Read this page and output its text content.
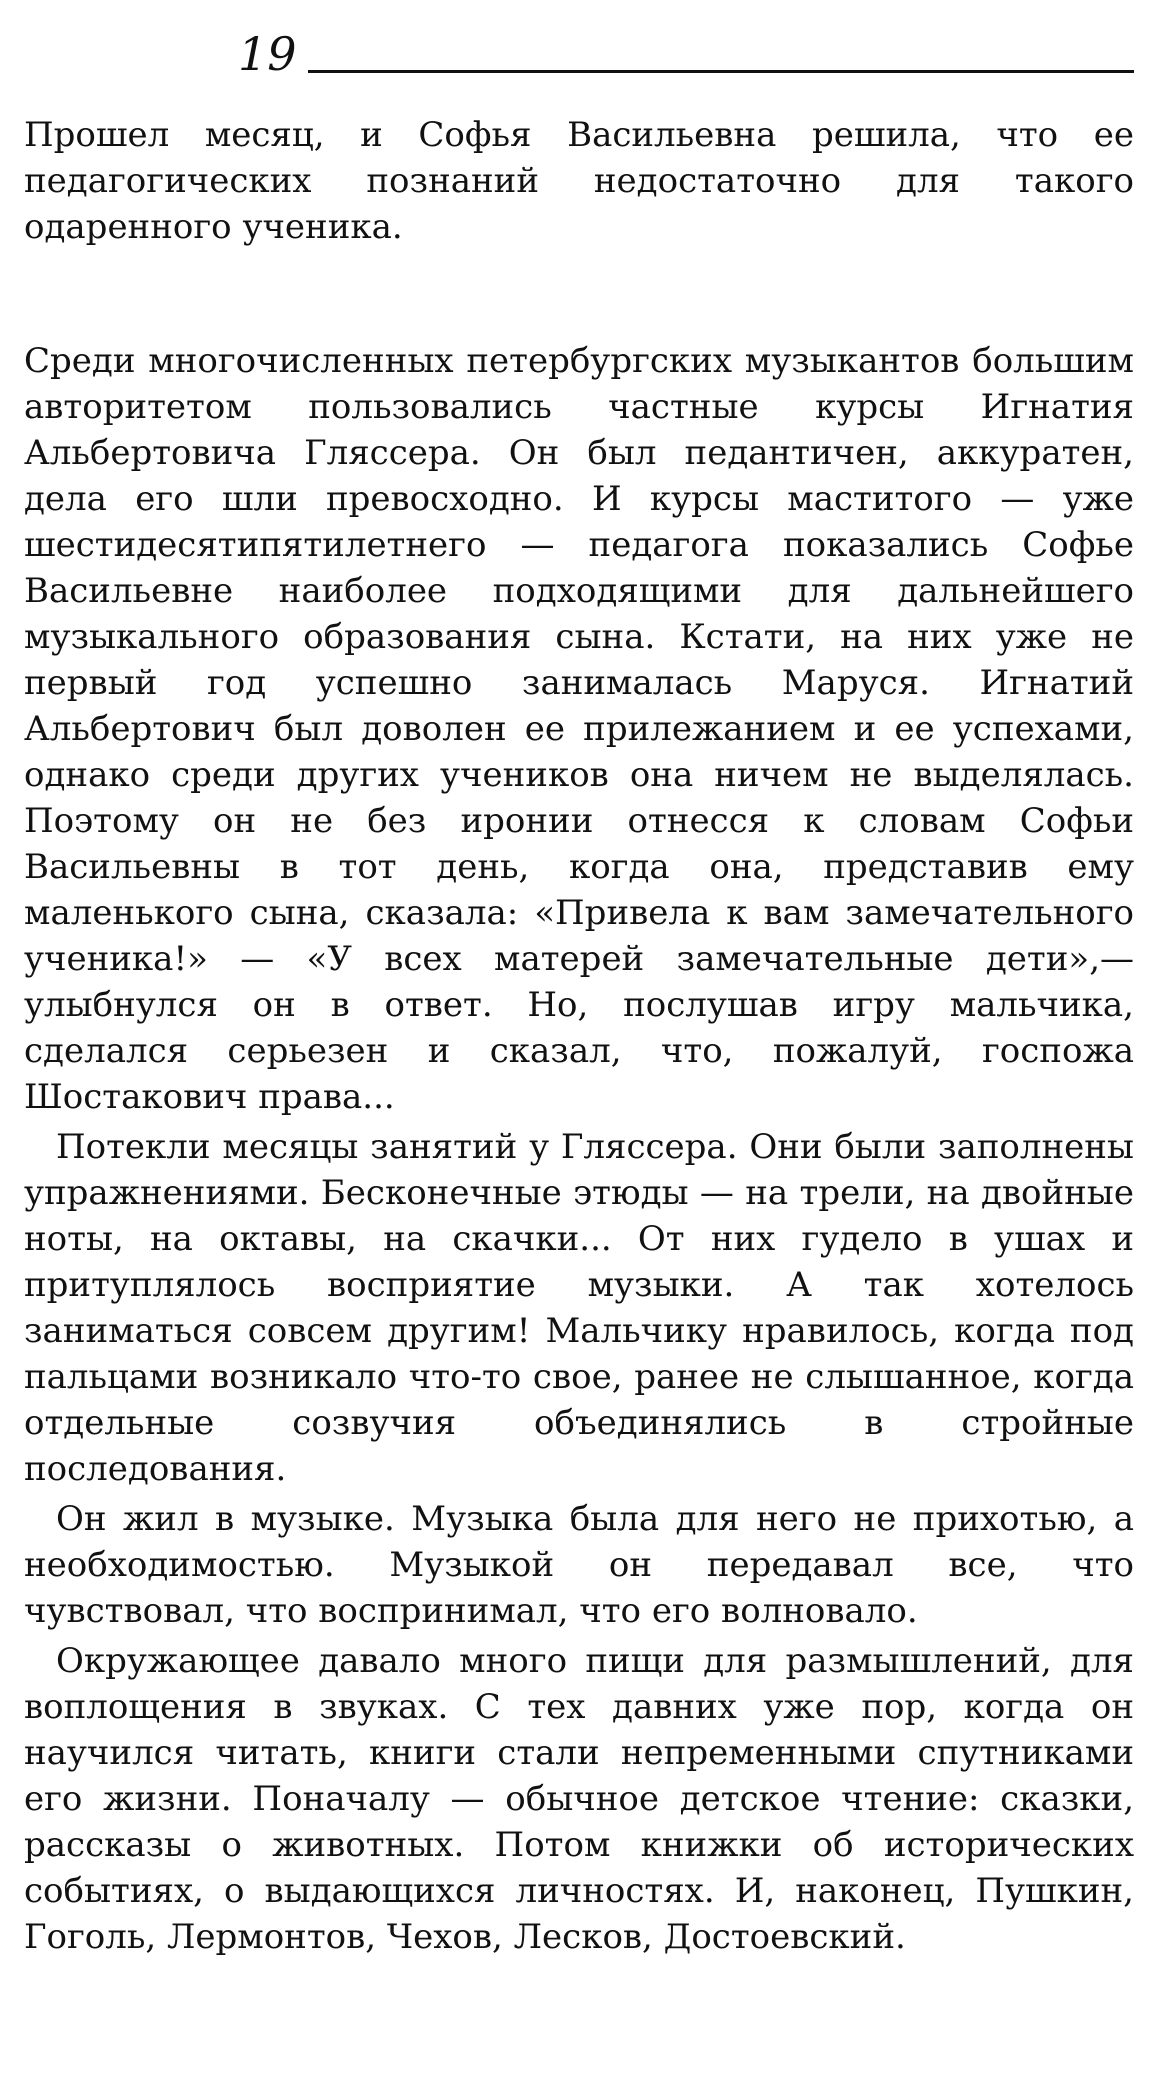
19

Прошел месяц, и Софья Васильевна решила, что ее педагогических познаний недостаточно для такого одаренного ученика.

Среди многочисленных петербургских музыкантов большим авторитетом пользовались частные курсы Игнатия Альбертовича Гляссера. Он был педантичен, аккуратен, дела его шли превосходно. И курсы маститого — уже шестидесятипятилетнего — педагога показались Софье Васильевне наиболее подходящими для дальнейшего музыкального образования сына. Кстати, на них уже не первый год успешно занималась Маруся. Игнатий Альбертович был доволен ее прилежанием и ее успехами, однако среди других учеников она ничем не выделялась. Поэтому он не без иронии отнесся к словам Софьи Васильевны в тот день, когда она, представив ему маленького сына, сказала: «Привела к вам замечательного ученика!» — «У всех матерей замечательные дети»,— улыбнулся он в ответ. Но, послушав игру мальчика, сделался серьезен и сказал, что, пожалуй, госпожа Шостакович права...

Потекли месяцы занятий у Гляссера. Они были заполнены упражнениями. Бесконечные этюды — на трели, на двойные ноты, на октавы, на скачки... От них гудело в ушах и притуплялось восприятие музыки. А так хотелось заниматься совсем другим! Мальчику нравилось, когда под пальцами возникало что-то свое, ранее не слышанное, когда отдельные созвучия объединялись в стройные последования.

Он жил в музыке. Музыка была для него не прихотью, а необходимостью. Музыкой он передавал все, что чувствовал, что воспринимал, что его волновало.

Окружающее давало много пищи для размышлений, для воплощения в звуках. С тех давних уже пор, когда он научился читать, книги стали непременными спутниками его жизни. Поначалу — обычное детское чтение: сказки, рассказы о животных. Потом книжки об исторических событиях, о выдающихся личностях. И, наконец, Пушкин, Гоголь, Лермонтов, Чехов, Лесков, Достоевский.
